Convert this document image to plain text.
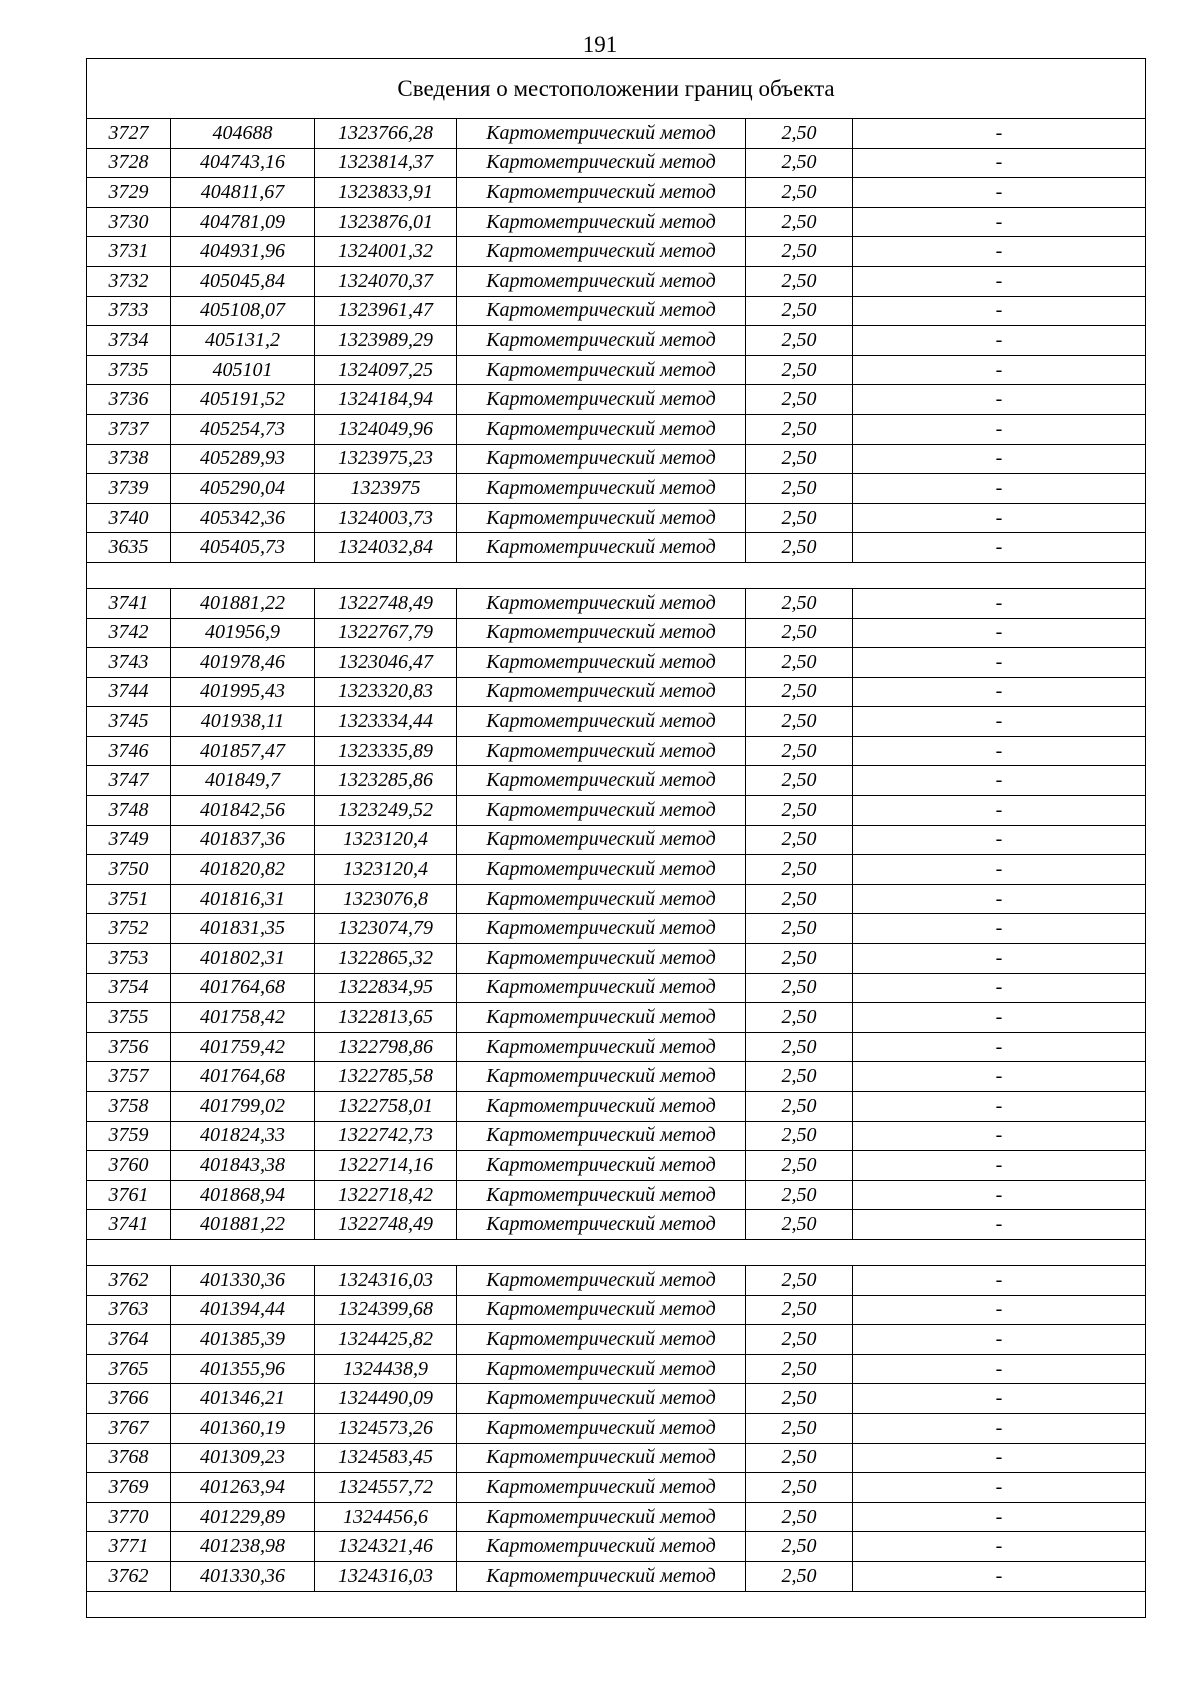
191
Сведения о местоположении границ объекта
3727	404688	1323766,28	Картометрический метод	2,50	-
3728	404743,16	1323814,37	Картометрический метод	2,50	-
3729	404811,67	1323833,91	Картометрический метод	2,50	-
3730	404781,09	1323876,01	Картометрический метод	2,50	-
3731	404931,96	1324001,32	Картометрический метод	2,50	-
3732	405045,84	1324070,37	Картометрический метод	2,50	-
3733	405108,07	1323961,47	Картометрический метод	2,50	-
3734	405131,2	1323989,29	Картометрический метод	2,50	-
3735	405101	1324097,25	Картометрический метод	2,50	-
3736	405191,52	1324184,94	Картометрический метод	2,50	-
3737	405254,73	1324049,96	Картометрический метод	2,50	-
3738	405289,93	1323975,23	Картометрический метод	2,50	-
3739	405290,04	1323975	Картометрический метод	2,50	-
3740	405342,36	1324003,73	Картометрический метод	2,50	-
3635	405405,73	1324032,84	Картометрический метод	2,50	-
3741	401881,22	1322748,49	Картометрический метод	2,50	-
3742	401956,9	1322767,79	Картометрический метод	2,50	-
3743	401978,46	1323046,47	Картометрический метод	2,50	-
3744	401995,43	1323320,83	Картометрический метод	2,50	-
3745	401938,11	1323334,44	Картометрический метод	2,50	-
3746	401857,47	1323335,89	Картометрический метод	2,50	-
3747	401849,7	1323285,86	Картометрический метод	2,50	-
3748	401842,56	1323249,52	Картометрический метод	2,50	-
3749	401837,36	1323120,4	Картометрический метод	2,50	-
3750	401820,82	1323120,4	Картометрический метод	2,50	-
3751	401816,31	1323076,8	Картометрический метод	2,50	-
3752	401831,35	1323074,79	Картометрический метод	2,50	-
3753	401802,31	1322865,32	Картометрический метод	2,50	-
3754	401764,68	1322834,95	Картометрический метод	2,50	-
3755	401758,42	1322813,65	Картометрический метод	2,50	-
3756	401759,42	1322798,86	Картометрический метод	2,50	-
3757	401764,68	1322785,58	Картометрический метод	2,50	-
3758	401799,02	1322758,01	Картометрический метод	2,50	-
3759	401824,33	1322742,73	Картометрический метод	2,50	-
3760	401843,38	1322714,16	Картометрический метод	2,50	-
3761	401868,94	1322718,42	Картометрический метод	2,50	-
3741	401881,22	1322748,49	Картометрический метод	2,50	-
3762	401330,36	1324316,03	Картометрический метод	2,50	-
3763	401394,44	1324399,68	Картометрический метод	2,50	-
3764	401385,39	1324425,82	Картометрический метод	2,50	-
3765	401355,96	1324438,9	Картометрический метод	2,50	-
3766	401346,21	1324490,09	Картометрический метод	2,50	-
3767	401360,19	1324573,26	Картометрический метод	2,50	-
3768	401309,23	1324583,45	Картометрический метод	2,50	-
3769	401263,94	1324557,72	Картометрический метод	2,50	-
3770	401229,89	1324456,6	Картометрический метод	2,50	-
3771	401238,98	1324321,46	Картометрический метод	2,50	-
3762	401330,36	1324316,03	Картометрический метод	2,50	-
